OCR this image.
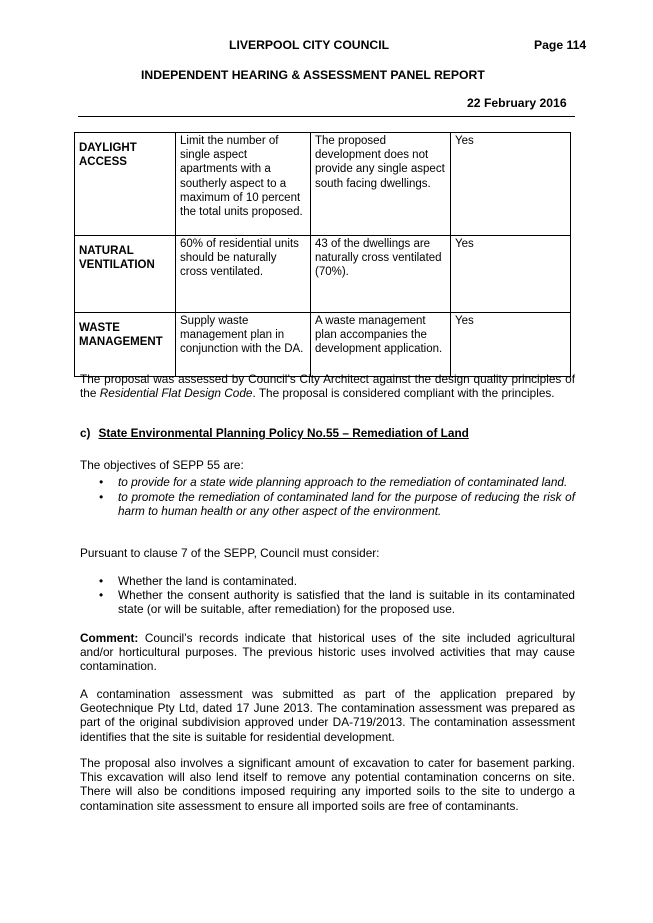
LIVERPOOL CITY COUNCIL	Page 114
INDEPENDENT HEARING & ASSESSMENT PANEL REPORT
22 February 2016
DAYLIGHT ACCESS	Limit the number of single aspect apartments with a southerly aspect to a maximum of 10 percent the total units proposed.	The proposed development does not provide any single aspect south facing dwellings.	Yes
NATURAL VENTILATION	60% of residential units should be naturally cross ventilated.	43 of the dwellings are naturally cross ventilated (70%).	Yes
WASTE MANAGEMENT	Supply waste management plan in conjunction with the DA.	A waste management plan accompanies the development application.	Yes

The proposal was assessed by Council’s City Architect against the design quality principles of the Residential Flat Design Code. The proposal is considered compliant with the principles.

c) State Environmental Planning Policy No.55 – Remediation of Land

The objectives of SEPP 55 are:

• to provide for a state wide planning approach to the remediation of contaminated land.
• to promote the remediation of contaminated land for the purpose of reducing the risk of harm to human health or any other aspect of the environment.

Pursuant to clause 7 of the SEPP, Council must consider:

• Whether the land is contaminated.
• Whether the consent authority is satisfied that the land is suitable in its contaminated state (or will be suitable, after remediation) for the proposed use.

Comment: Council’s records indicate that historical uses of the site included agricultural and/or horticultural purposes. The previous historic uses involved activities that may cause contamination.

A contamination assessment was submitted as part of the application prepared by Geotechnique Pty Ltd, dated 17 June 2013. The contamination assessment was prepared as part of the original subdivision approved under DA-719/2013. The contamination assessment identifies that the site is suitable for residential development.

The proposal also involves a significant amount of excavation to cater for basement parking. This excavation will also lend itself to remove any potential contamination concerns on site. There will also be conditions imposed requiring any imported soils to the site to undergo a contamination site assessment to ensure all imported soils are free of contaminants.
